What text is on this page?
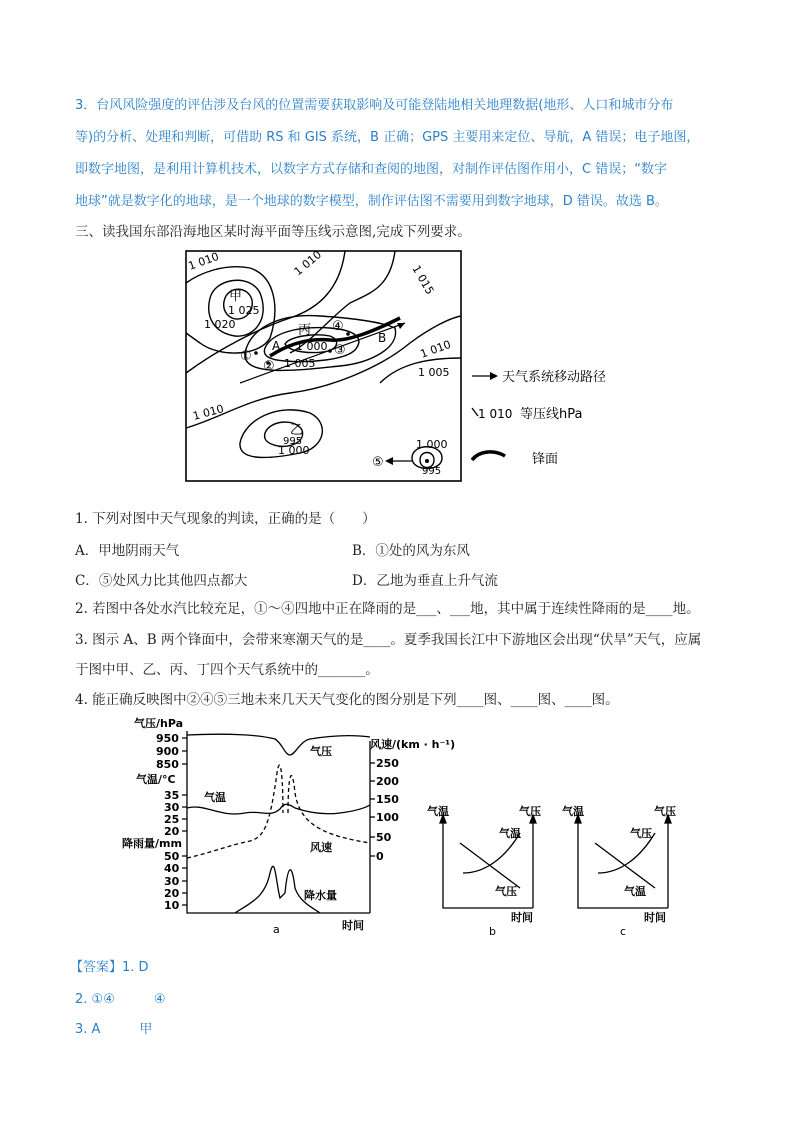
3．台风风险强度的评估涉及台风的位置需要获取影响及可能登陆地相关地理数据(地形、人口和城市分布
等)的分析、处理和判断，可借助 RS 和 GIS 系统，B 正确；GPS 主要用来定位、导航，A 错误；电子地图，
即数字地图，是利用计算机技术，以数字方式存储和查阅的地图，对制作评估图作用小，C 错误；“数字
地球”就是数字化的地球，是一个地球的数字模型，制作评估图不需要用到数字地球，D 错误。故选 B。
三、读我国东部沿海地区某时海平面等压线示意图,完成下列要求。
甲
丙
乙
A
B
①
②
③
④
⑤
1 010	1 010	1 015
1 025
1 020
1 000
1 005
1 010
1 005
1 010
995
1 000	1 000
995
天气系统移动路径
1 010 等压线hPa
锋面
1. 下列对图中天气现象的判读，正确的是（　　）
A．甲地阴雨天气	B．①处的风为东风
C．⑤处风力比其他四点都大	D．乙地为垂直上升气流
2. 若图中各处水汽比较充足，①～④四地中正在降雨的是___、___地，其中属于连续性降雨的是____地。
3. 图示 A、B 两个锋面中，会带来寒潮天气的是____。夏季我国长江中下游地区会出现“伏旱”天气，应属
于图中甲、乙、丙、丁四个天气系统中的_______。
4. 能正确反映图中②④⑤三地未来几天天气变化的图分别是下列____图、____图、____图。
气压/hPa
950
900
850
气温/°C
35
30
25
20
降雨量/mm
50
40
30
20
10
风速/(km · h⁻¹)
250
200
150
100
50
0
气压
气温
风速
降水量
时间
a
气温	气压
气温
气压
时间
b
气温	气压
气压
气温
时间
c
【答案】1. D
2. ①④　　　④
3. A　　　甲
